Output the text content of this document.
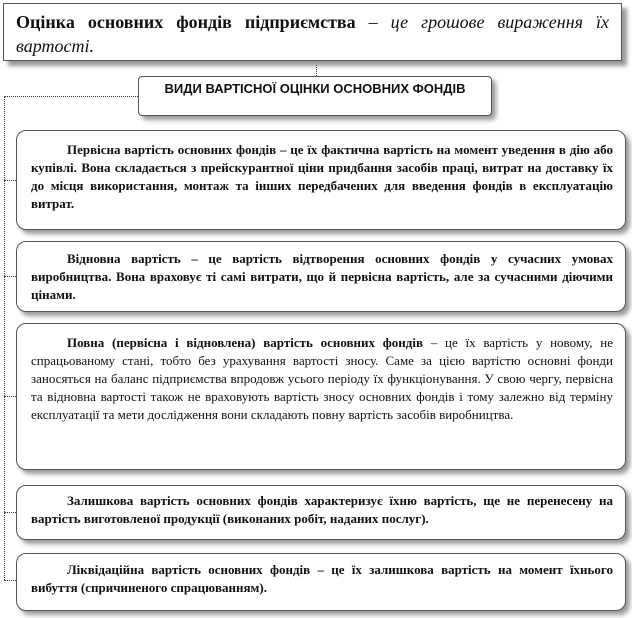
Оцінка основних фондів підприємства – це грошове вираження їх вартості.
ВИДИ ВАРТІСНОЇ ОЦІНКИ ОСНОВНИХ ФОНДІВ
Первісна вартість основних фондів – це їх фактична вартість на момент уведення в дію або купівлі. Вона складається з прейскурантної ціни придбання засобів праці, витрат на доставку їх до місця використання, монтаж та інших передбачених для введення фондів в експлуатацію витрат.
Відновна вартість – це вартість відтворення основних фондів у сучасних умовах виробництва. Вона враховує ті самі витрати, що й первісна вартість, але за сучасними діючими цінами.
Повна (первісна і відновлена) вартість основних фондів – це їх вартість у новому, не спрацьованому стані, тобто без урахування вартості зносу. Саме за цією вартістю основні фонди заносяться на баланс підприємства впродовж усього періоду їх функціонування. У свою чергу, первісна та відновна вартості також не враховують вартість зносу основних фондів і тому залежно від терміну експлуатації та мети дослідження вони складають повну вартість засобів виробництва.
Залишкова вартість основних фондів характеризує їхню вартість, ще не перенесену на вартість виготовленої продукції (виконаних робіт, наданих послуг).
Ліквідаційна вартість основних фондів – це їх залишкова вартість на момент їхнього вибуття (спричиненого спрацюванням).
